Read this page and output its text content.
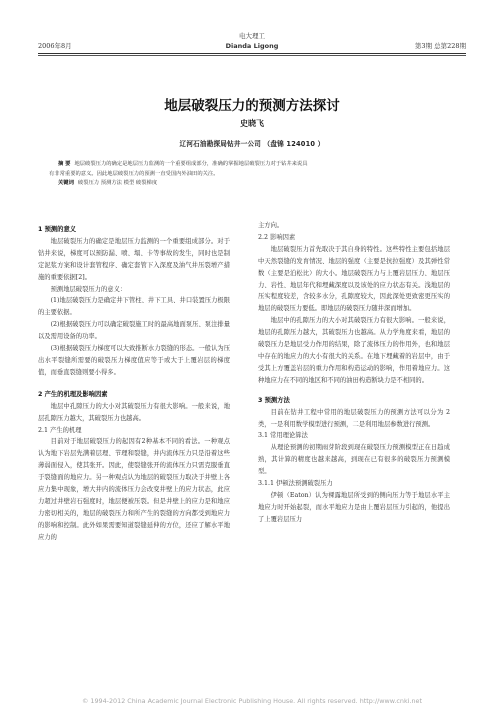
电大理工
2006年8月	Dianda Ligong	第3期 总第228期
地层破裂压力的预测方法探讨
史晓飞
辽河石油勘探局钻井一公司 （盘锦 124010 ）
摘 要 地层破裂压力的确定是地层压力监测的一个重要组成部分，准确的掌握地层破裂压力对于钻井来说具
有非常重要的意义。因此地层破裂压力的预测一直受国内外油田的关注。
关键词 破裂压力 预测方法 模型 破裂梯度

1 预测的意义

地层破裂压力的确定是地层压力监测的一个重要组成部分。对于钻井来说，梯度可以预防漏、喷、塌、卡等事故的发生，同时也是制定泥浆方案和设计套管程序、确定套管下入深度及油气井压裂增产措施的重要依据[2]。

预测地层破裂压力的意义：

(1)地层破裂压力是确定井下管柱、井下工具、井口装置压力极限的主要依据。

(2)根据破裂压力可以确定破裂施工时的最高地面泵压、泵注排量以及需用设备的功率。

(3)根据破裂压力梯度可以大致推断水力裂缝的形态。一般认为压出水平裂缝所需要的破裂压力梯度值应等于或大于上覆岩层的梯度值，而垂直裂缝则要小得多。

2 产生的机理及影响因素

地层中孔隙压力的大小对其破裂压力有很大影响。一般来说，地层孔隙压力越大，其破裂压力也越高。

2.1 产生的机理

目前对于地层破裂压力的起因有2种基本不同的看法。一种观点认为地下岩层先满着层理、节理和裂缝，井内流体压力只是沿着这些薄弱面侵入，使其张开。因此，使裂缝张开的流体压力只需克服垂直于裂缝面的地应力。另一种观点认为地层的破裂压力取决于井壁上各应力集中现象，增大井内的流体压力会改变井壁上的应力状态，此应力超过井壁岩石强度时，地层便被压裂。但是井壁上的应力是和地应力密切相关的，地层的破裂压力和所产生的裂缝的方向都受到地应力的影响和控制。此外如果需要知道裂缝延伸的方位，还应了解水平地应力的

主方向。

2.2 影响因素

地层破裂压力首先取决于其自身的特性。这些特性主要包括地层中天然裂缝的发育情况、地层的强度（主要是抗拉强度）及其弹性常数（主要是泊松比）的大小。地层破裂压力与上覆岩层压力、地层压力、岩性、地层年代和埋藏深度以及该处的应力状态有关。浅地层的压实程度较差，含较多水分，孔隙度较大，因此深处更致密更压实的地层的破裂压力要低。即地层的破裂压力随井深而增加。

地层中的孔隙压力的大小对其破裂压力有很大影响。一般来说，地层的孔隙压力越大，其破裂压力也越高。从力学角度来看，地层的破裂压力是地层受力作用的结果，除了流体压力的作用外，也和地层中存在的地应力的大小有很大的关系。在地下埋藏着的岩层中，由于受其上方覆盖岩层的重力作用和构造运动的影响，作用着地应力。这种地应力在不同的地区和不同的油田构造断块力是不相同的。

3 预测方法

目前在钻井工程中常用的地层破裂压力的预测方法可以分为 2 类，一是利用数学模型进行预测，二是利用地层参数进行预测。

3.1 常用理论算法

从理论预测的初期雨芽阶段到现在破裂压力预测模型正在日趋成熟，其计算的精度也越来越高，到现在已有很多的破裂压力预测模型。

3.1.1 伊顿法预测破裂压力

伊顿（Eaton）认为裸露地层所受到的侧向压力等于地层水平主地应力时开始起裂，而水平地应力是由上覆岩层压力引起的，他提出了上覆岩层压力

© 1994-2012 China Academic Journal Electronic Publishing House. All rights reserved. http://www.cnki.net
